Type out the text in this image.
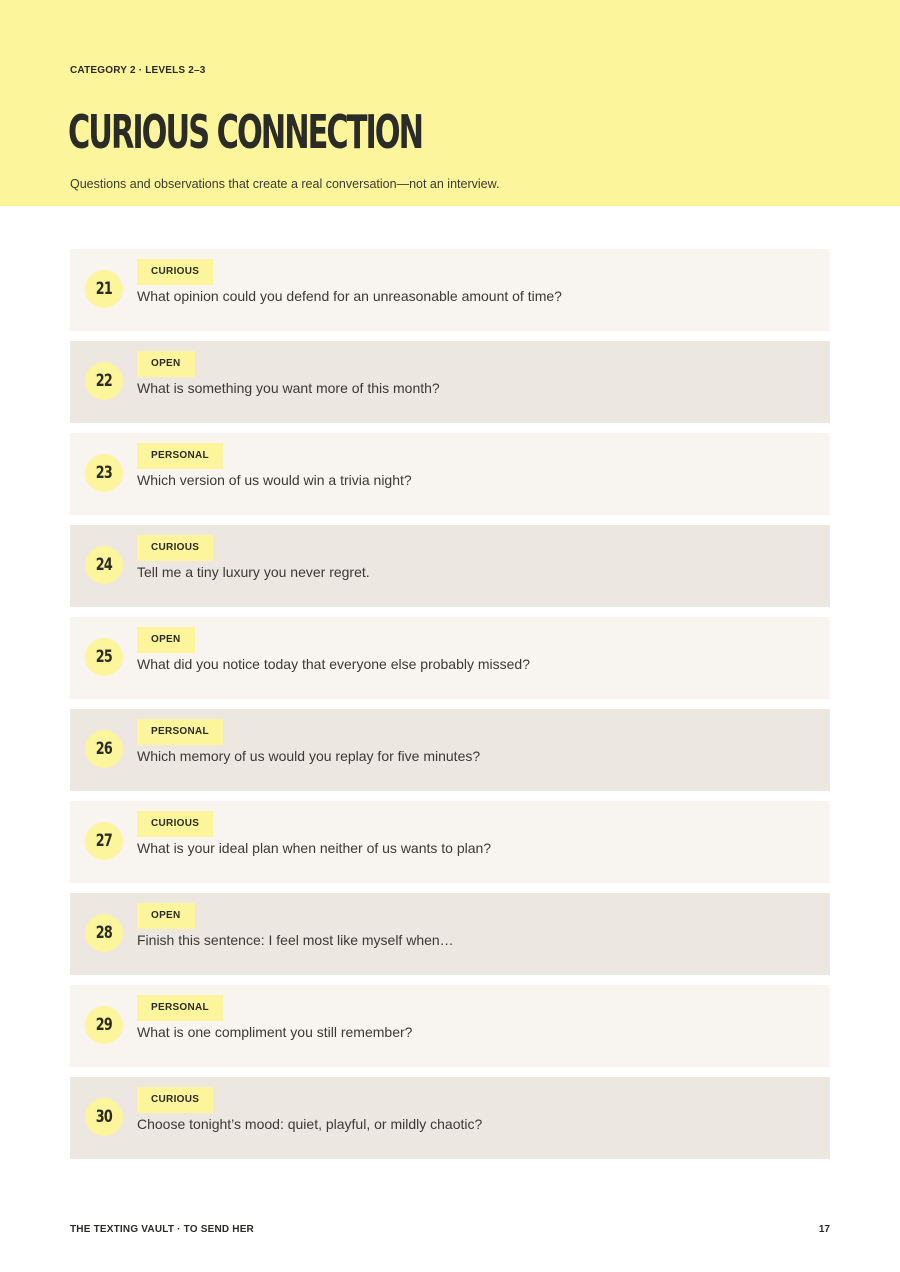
CATEGORY 2 · LEVELS 2–3
CURIOUS CONNECTION
Questions and observations that create a real conversation—not an interview.
21
CURIOUS
What opinion could you defend for an unreasonable amount of time?
22
OPEN
What is something you want more of this month?
23
PERSONAL
Which version of us would win a trivia night?
24
CURIOUS
Tell me a tiny luxury you never regret.
25
OPEN
What did you notice today that everyone else probably missed?
26
PERSONAL
Which memory of us would you replay for five minutes?
27
CURIOUS
What is your ideal plan when neither of us wants to plan?
28
OPEN
Finish this sentence: I feel most like myself when…
29
PERSONAL
What is one compliment you still remember?
30
CURIOUS
Choose tonight’s mood: quiet, playful, or mildly chaotic?
THE TEXTING VAULT · TO SEND HER	17
